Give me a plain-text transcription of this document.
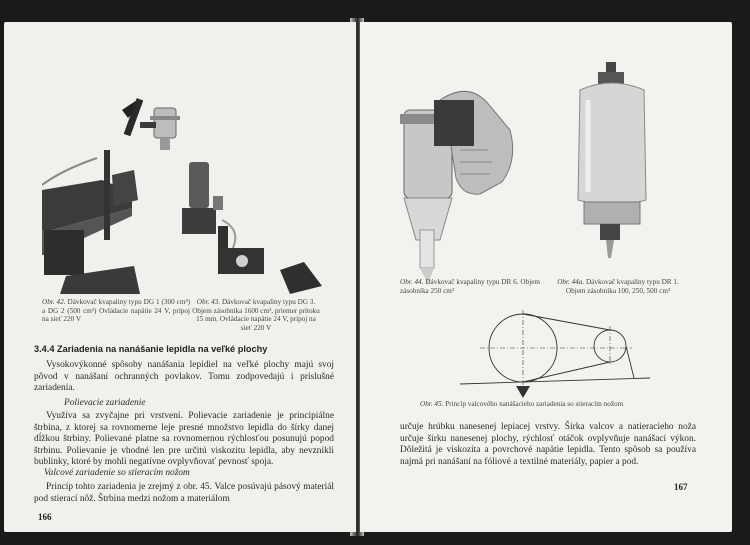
Obr. 42. Dávkovač kvapaliny typu DG 1 (300 cm³) a DG 2 (500 cm³) Ovládacie napätie 24 V, prípoj na sieť 220 V
Obr. 43. Dávkovač kvapaliny typu DG 3. Objem zásobníka 1600 cm³, priemer prítoku 15 mm. Ovládacie napätie 24 V, prípoj na sieť 220 V
3.4.4 Zariadenia na nanášanie lepidla na veľké plochy
Vysokovýkonné spôsoby nanášania lepidiel na veľké plochy majú svoj pôvod v nanášaní ochranných povlakov. Tomu zodpovedajú i príslušné zariadenia.
Polievacie zariadenie
Využíva sa zvyčajne pri vrstvení. Polievacie zariadenie je principiálne štrbina, z ktorej sa rovnomerne leje presné množstvo lepidla do šírky danej dĺžkou štrbiny. Polievané platne sa rovnomernou rýchlosťou posunujú popod štrbinu. Polievanie je vhodné len pre určitú viskozitu lepidla, aby nevznikli bublinky, ktoré by mohli negatívne ovplyvňovať pevnosť spoja.
Valcové zariadenie so stieracím nožom
Princíp tohto zariadenia je zrejmý z obr. 45. Valce posúvajú pásový materiál pod stierací nôž. Štrbina medzi nožom a materiálom
166
Obr. 44. Dávkovač kvapaliny typu DR 6. Objem zásobníka 250 cm³
Obr. 44a. Dávkovač kvapaliny typu DR 1. Objem zásobníka 100, 250, 500 cm³
Obr. 45. Princíp valcového nanášacieho zariadenia so stieracím nožom
určuje hrúbku nanesenej lepiacej vrstvy. Šírka valcov a natieracieho noža určuje šírku nanesenej plochy, rýchlosť otáčok ovplyvňuje nanášací výkon. Dôležitá je viskozita a povrchové napätie lepidla. Tento spôsob sa používa najmä pri nanášaní na fóliové a textilné materiály, papier a pod.
167
